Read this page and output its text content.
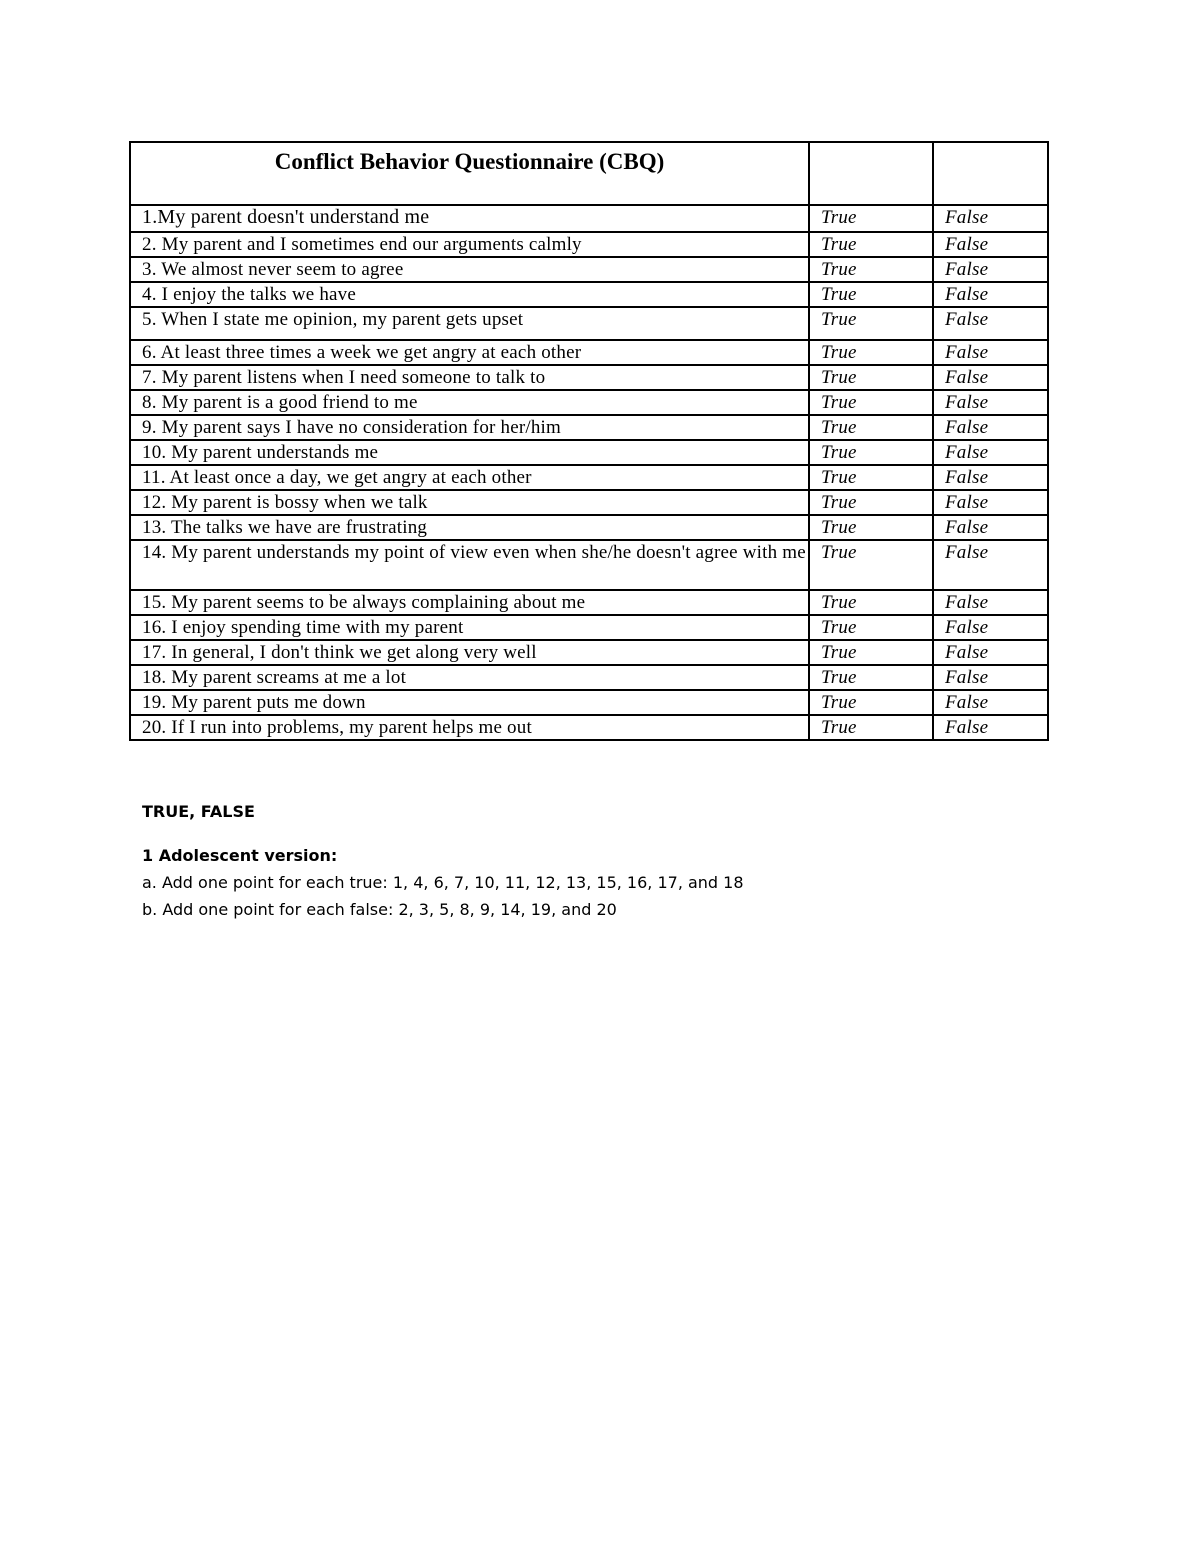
Conflict Behavior Questionnaire (CBQ)		
1.My parent doesn't understand me	True	False
2. My parent and I sometimes end our arguments calmly	True	False
3. We almost never seem to agree	True	False
4. I enjoy the talks we have	True	False
5. When I state me opinion, my parent gets upset	True	False
6. At least three times a week we get angry at each other	True	False
7. My parent listens when I need someone to talk to	True	False
8. My parent is a good friend to me	True	False
9. My parent says I have no consideration for her/him	True	False
10. My parent understands me	True	False
11. At least once a day, we get angry at each other	True	False
12. My parent is bossy when we talk	True	False
13. The talks we have are frustrating	True	False
14. My parent understands my point of view even when she/he doesn't agree with me	True	False
15. My parent seems to be always complaining about me	True	False
16. I enjoy spending time with my parent	True	False
17. In general, I don't think we get along very well	True	False
18. My parent screams at me a lot	True	False
19. My parent puts me down	True	False
20. If I run into problems, my parent helps me out	True	False

TRUE, FALSE

1 Adolescent version:

a. Add one point for each true: 1, 4, 6, 7, 10, 11, 12, 13, 15, 16, 17, and 18

b. Add one point for each false: 2, 3, 5, 8, 9, 14, 19, and 20
